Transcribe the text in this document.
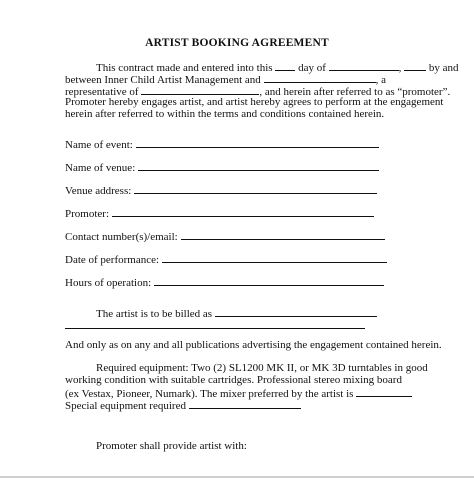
ARTIST BOOKING AGREEMENT
This contract made and entered into this day of	,	by and
between Inner Child Artist Management and	, a
representative of	, and herein after referred to as “promoter”.
Promoter hereby engages artist, and artist hereby agrees to perform at the engagement
herein after referred to within the terms and conditions contained herein.
Name of event:
Name of venue:
Venue address:
Promoter:
Contact number(s)/email:
Date of performance:
Hours of operation:
The artist is to be billed as
And only as on any and all publications advertising the engagement contained herein.
Required equipment: Two (2) SL1200 MK II, or MK 3D turntables in good
working condition with suitable cartridges. Professional stereo mixing board
(ex Vestax, Pioneer, Numark). The mixer preferred by the artist is
Special equipment required
Promoter shall provide artist with:
